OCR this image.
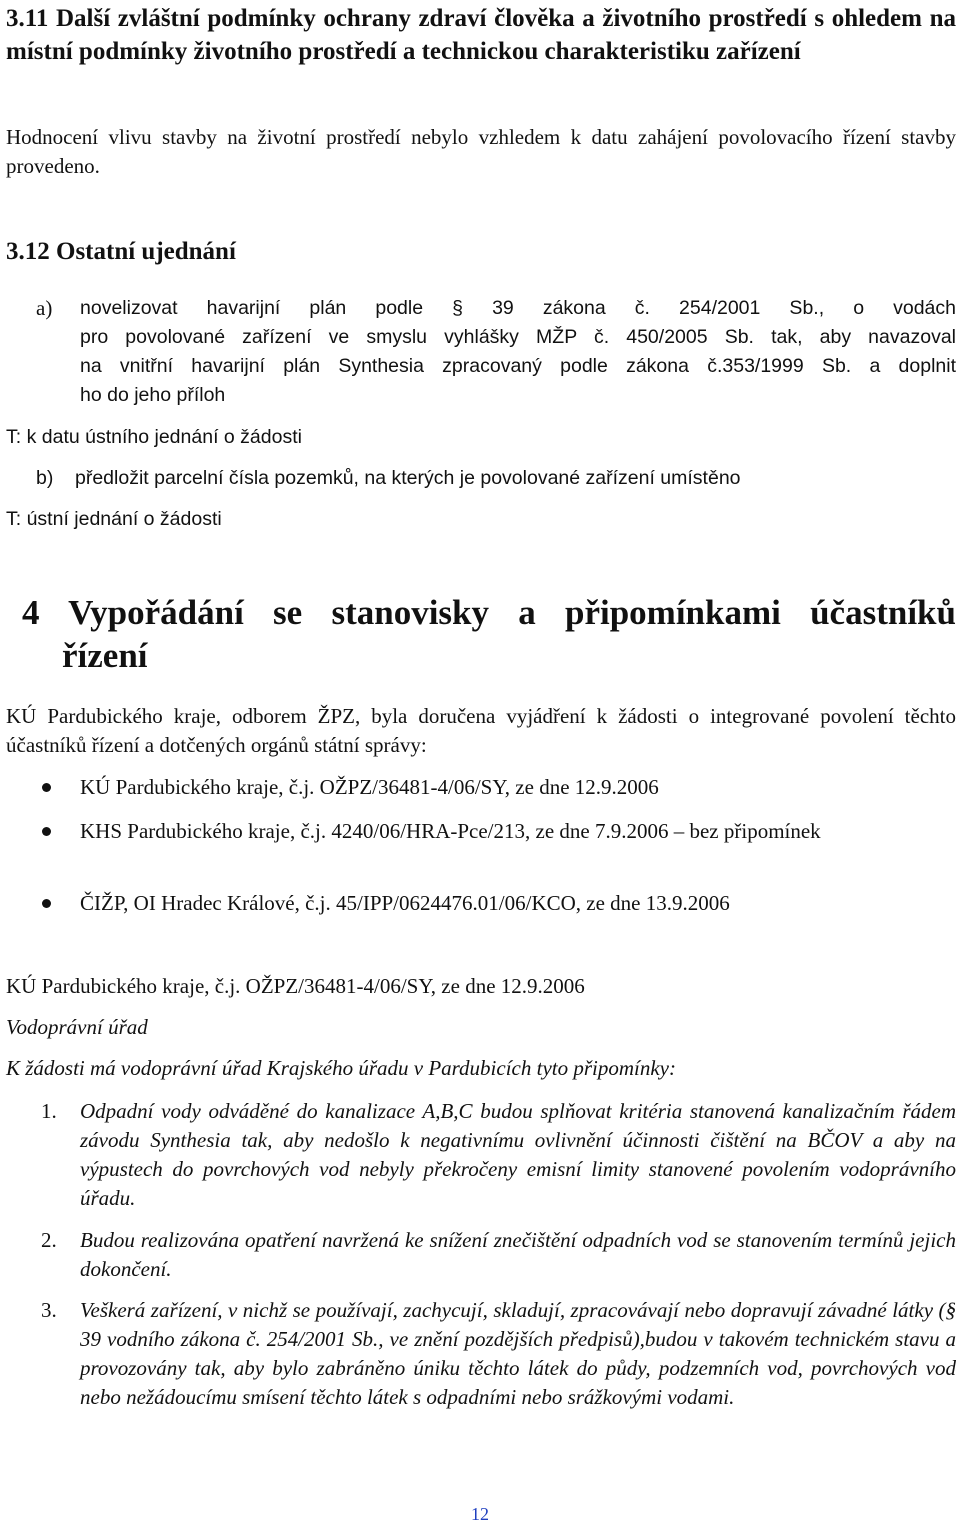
3.11 Další zvláštní podmínky ochrany zdraví člověka a životního prostředí s ohledem na místní podmínky životního prostředí a technickou charakteristiku zařízení
Hodnocení vlivu stavby na životní prostředí nebylo vzhledem k datu zahájení povolovacího řízení stavby provedeno.
3.12 Ostatní ujednání
a) novelizovat havarijní plán podle § 39 zákona č. 254/2001 Sb., o vodách
pro povolované zařízení ve smyslu vyhlášky MŽP č. 450/2005 Sb. tak, aby navazoval
na vnitřní havarijní plán Synthesia zpracovaný podle zákona č.353/1999 Sb. a doplnit
ho do jeho příloh
T: k datu ústního jednání o žádosti
b) předložit parcelní čísla pozemků, na kterých je povolované zařízení umístěno
T: ústní jednání o žádosti
4 Vypořádání se stanovisky a připomínkami účastníků
řízení
KÚ Pardubického kraje, odborem ŽPZ, byla doručena vyjádření k žádosti o integrované povolení těchto účastníků řízení a dotčených orgánů státní správy:
KÚ Pardubického kraje, č.j. OŽPZ/36481-4/06/SY, ze dne 12.9.2006
KHS Pardubického kraje, č.j. 4240/06/HRA-Pce/213, ze dne 7.9.2006 – bez připomínek
ČIŽP, OI Hradec Králové, č.j. 45/IPP/0624476.01/06/KCO, ze dne 13.9.2006
KÚ Pardubického kraje, č.j. OŽPZ/36481-4/06/SY, ze dne 12.9.2006
Vodoprávní úřad
K žádosti má vodoprávní úřad Krajského úřadu v Pardubicích tyto připomínky:
1. Odpadní vody odváděné do kanalizace A,B,C budou splňovat kritéria stanovená kanalizačním řádem závodu Synthesia tak, aby nedošlo k negativnímu ovlivnění účinnosti čištění na BČOV a aby na výpustech do povrchových vod nebyly překročeny emisní limity stanovené povolením vodoprávního úřadu.
2. Budou realizována opatření navržená ke snížení znečištění odpadních vod se stanovením termínů jejich dokončení.
3. Veškerá zařízení, v nichž se používají, zachycují, skladují, zpracovávají nebo dopravují závadné látky (§ 39 vodního zákona č. 254/2001 Sb., ve znění pozdějších předpisů),budou v takovém technickém stavu a provozovány tak, aby bylo zabráněno úniku těchto látek do půdy, podzemních vod, povrchových vod nebo nežádoucímu smísení těchto látek s odpadními nebo srážkovými vodami.
12
